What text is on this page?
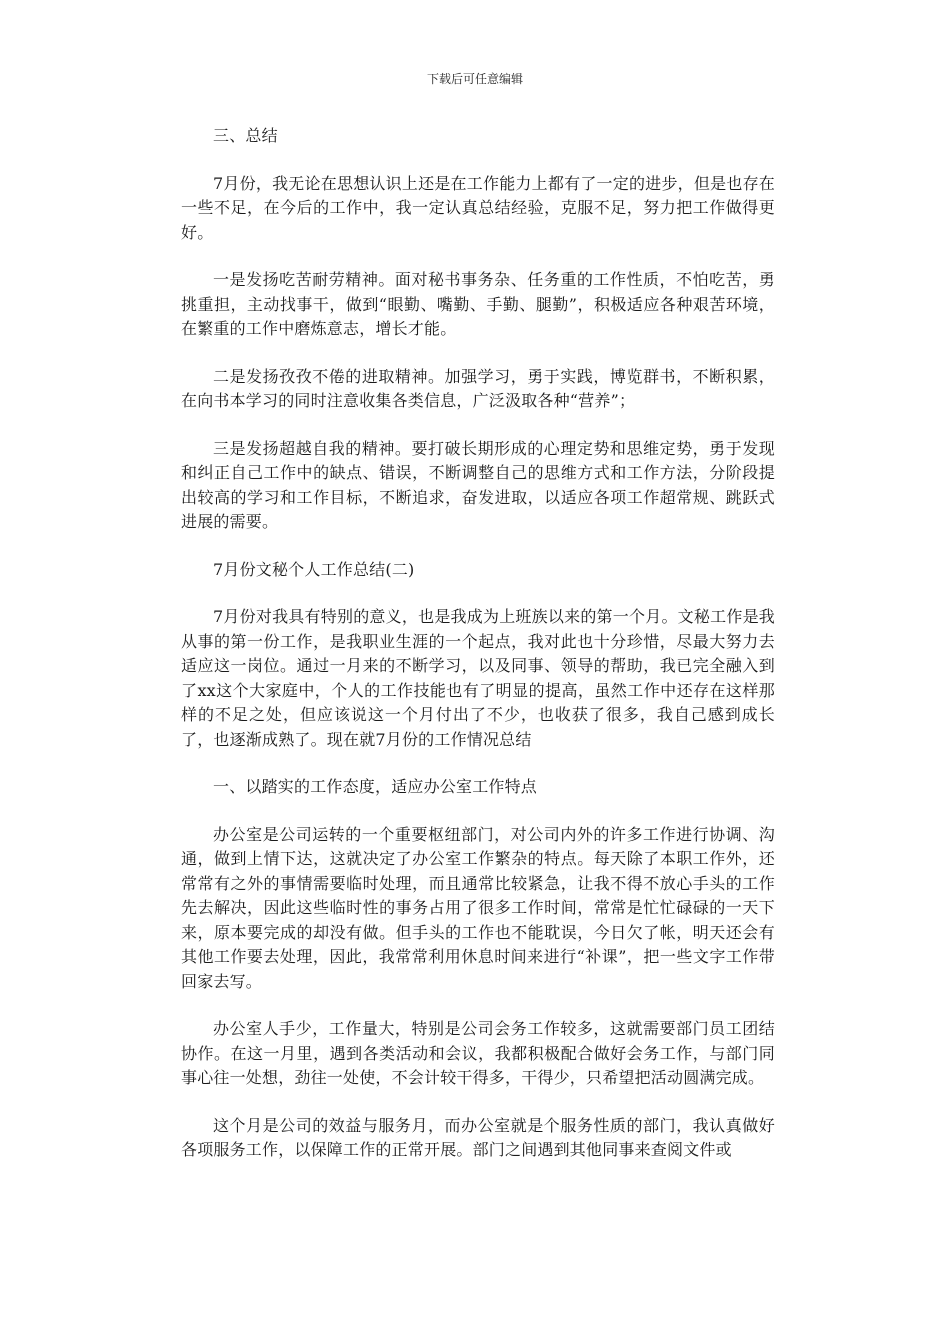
下载后可任意编辑

三、总结

7月份，我无论在思想认识上还是在工作能力上都有了一定的进步，但是也存在一些不足，在今后的工作中，我一定认真总结经验，克服不足，努力把工作做得更好。

一是发扬吃苦耐劳精神。面对秘书事务杂、任务重的工作性质，不怕吃苦，勇挑重担，主动找事干，做到“眼勤、嘴勤、手勤、腿勤”，积极适应各种艰苦环境，在繁重的工作中磨炼意志，增长才能。

二是发扬孜孜不倦的进取精神。加强学习，勇于实践，博览群书，不断积累，在向书本学习的同时注意收集各类信息，广泛汲取各种“营养”；

三是发扬超越自我的精神。要打破长期形成的心理定势和思维定势，勇于发现和纠正自己工作中的缺点、错误，不断调整自己的思维方式和工作方法，分阶段提出较高的学习和工作目标，不断追求，奋发进取，以适应各项工作超常规、跳跃式进展的需要。

7月份文秘个人工作总结(二)

7月份对我具有特别的意义，也是我成为上班族以来的第一个月。文秘工作是我从事的第一份工作，是我职业生涯的一个起点，我对此也十分珍惜，尽最大努力去适应这一岗位。通过一月来的不断学习，以及同事、领导的帮助，我已完全融入到了xx这个大家庭中，个人的工作技能也有了明显的提高，虽然工作中还存在这样那样的不足之处，但应该说这一个月付出了不少，也收获了很多，我自己感到成长了，也逐渐成熟了。现在就7月份的工作情况总结

一、以踏实的工作态度，适应办公室工作特点

办公室是公司运转的一个重要枢纽部门，对公司内外的许多工作进行协调、沟通，做到上情下达，这就决定了办公室工作繁杂的特点。每天除了本职工作外，还常常有之外的事情需要临时处理，而且通常比较紧急，让我不得不放心手头的工作先去解决，因此这些临时性的事务占用了很多工作时间，常常是忙忙碌碌的一天下来，原本要完成的却没有做。但手头的工作也不能耽误，今日欠了帐，明天还会有其他工作要去处理，因此，我常常利用休息时间来进行“补课”，把一些文字工作带回家去写。

办公室人手少，工作量大，特别是公司会务工作较多，这就需要部门员工团结协作。在这一月里，遇到各类活动和会议，我都积极配合做好会务工作，与部门同事心往一处想，劲往一处使，不会计较干得多，干得少，只希望把活动圆满完成。

这个月是公司的效益与服务月，而办公室就是个服务性质的部门，我认真做好各项服务工作，以保障工作的正常开展。部门之间遇到其他同事来查阅文件或
